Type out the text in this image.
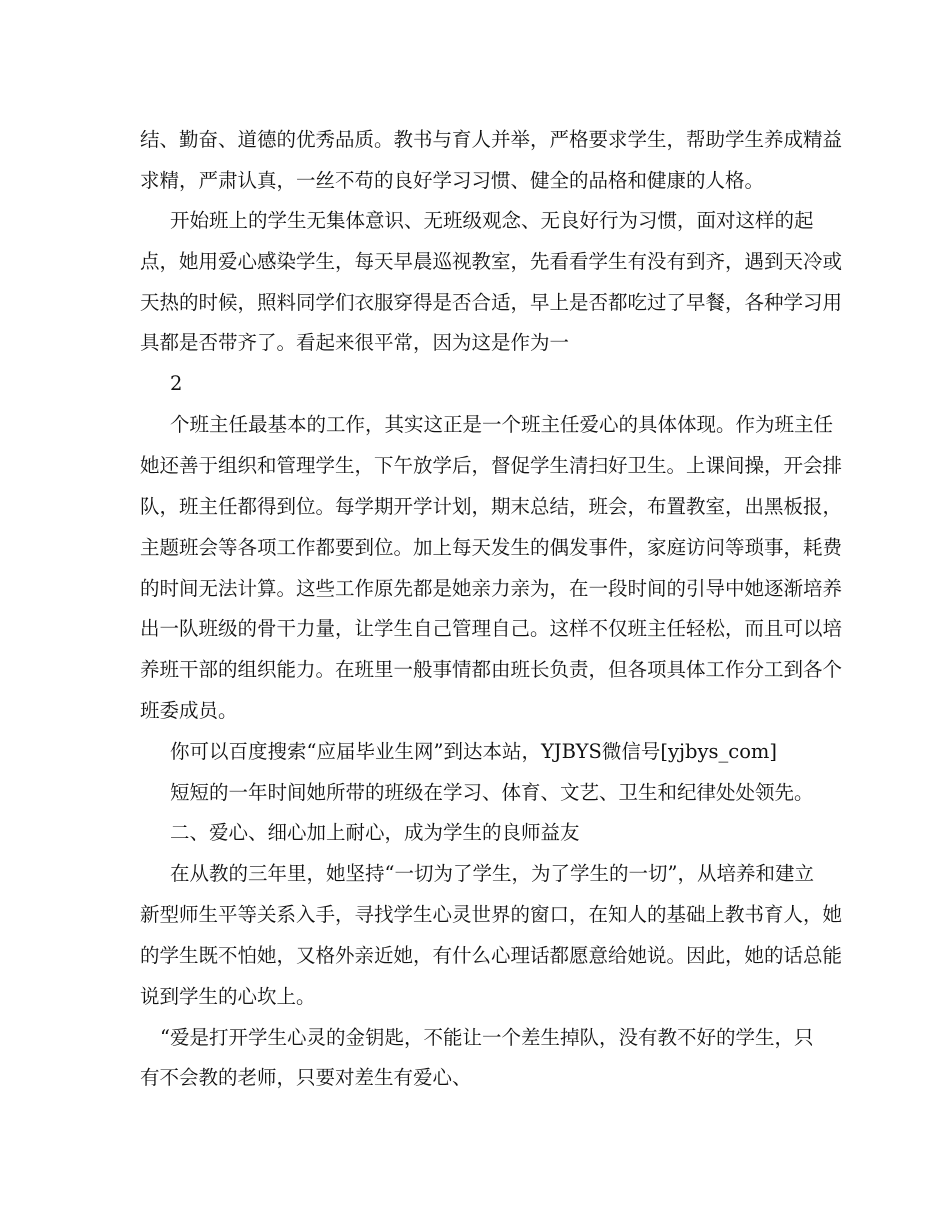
结、勤奋、道德的优秀品质。教书与育人并举，严格要求学生，帮助学生养成精益
求精，严肃认真，一丝不苟的良好学习习惯、健全的品格和健康的人格。
开始班上的学生无集体意识、无班级观念、无良好行为习惯，面对这样的起
点，她用爱心感染学生，每天早晨巡视教室，先看看学生有没有到齐，遇到天冷或
天热的时候，照料同学们衣服穿得是否合适，早上是否都吃过了早餐，各种学习用
具都是否带齐了。看起来很平常，因为这是作为一
2
个班主任最基本的工作，其实这正是一个班主任爱心的具体体现。作为班主任
她还善于组织和管理学生，下午放学后，督促学生清扫好卫生。上课间操，开会排
队，班主任都得到位。每学期开学计划，期末总结，班会，布置教室，出黑板报，
主题班会等各项工作都要到位。加上每天发生的偶发事件，家庭访问等琐事，耗费
的时间无法计算。这些工作原先都是她亲力亲为，在一段时间的引导中她逐渐培养
出一队班级的骨干力量，让学生自己管理自己。这样不仅班主任轻松，而且可以培
养班干部的组织能力。在班里一般事情都由班长负责，但各项具体工作分工到各个
班委成员。
你可以百度搜索“应届毕业生网”到达本站，YJBYS微信号[yjbys_com]
短短的一年时间她所带的班级在学习、体育、文艺、卫生和纪律处处领先。
二、爱心、细心加上耐心，成为学生的良师益友
在从教的三年里，她坚持“一切为了学生，为了学生的一切”，从培养和建立
新型师生平等关系入手，寻找学生心灵世界的窗口，在知人的基础上教书育人，她
的学生既不怕她，又格外亲近她，有什么心理话都愿意给她说。因此，她的话总能
说到学生的心坎上。
“爱是打开学生心灵的金钥匙，不能让一个差生掉队，没有教不好的学生，只
有不会教的老师，只要对差生有爱心、
